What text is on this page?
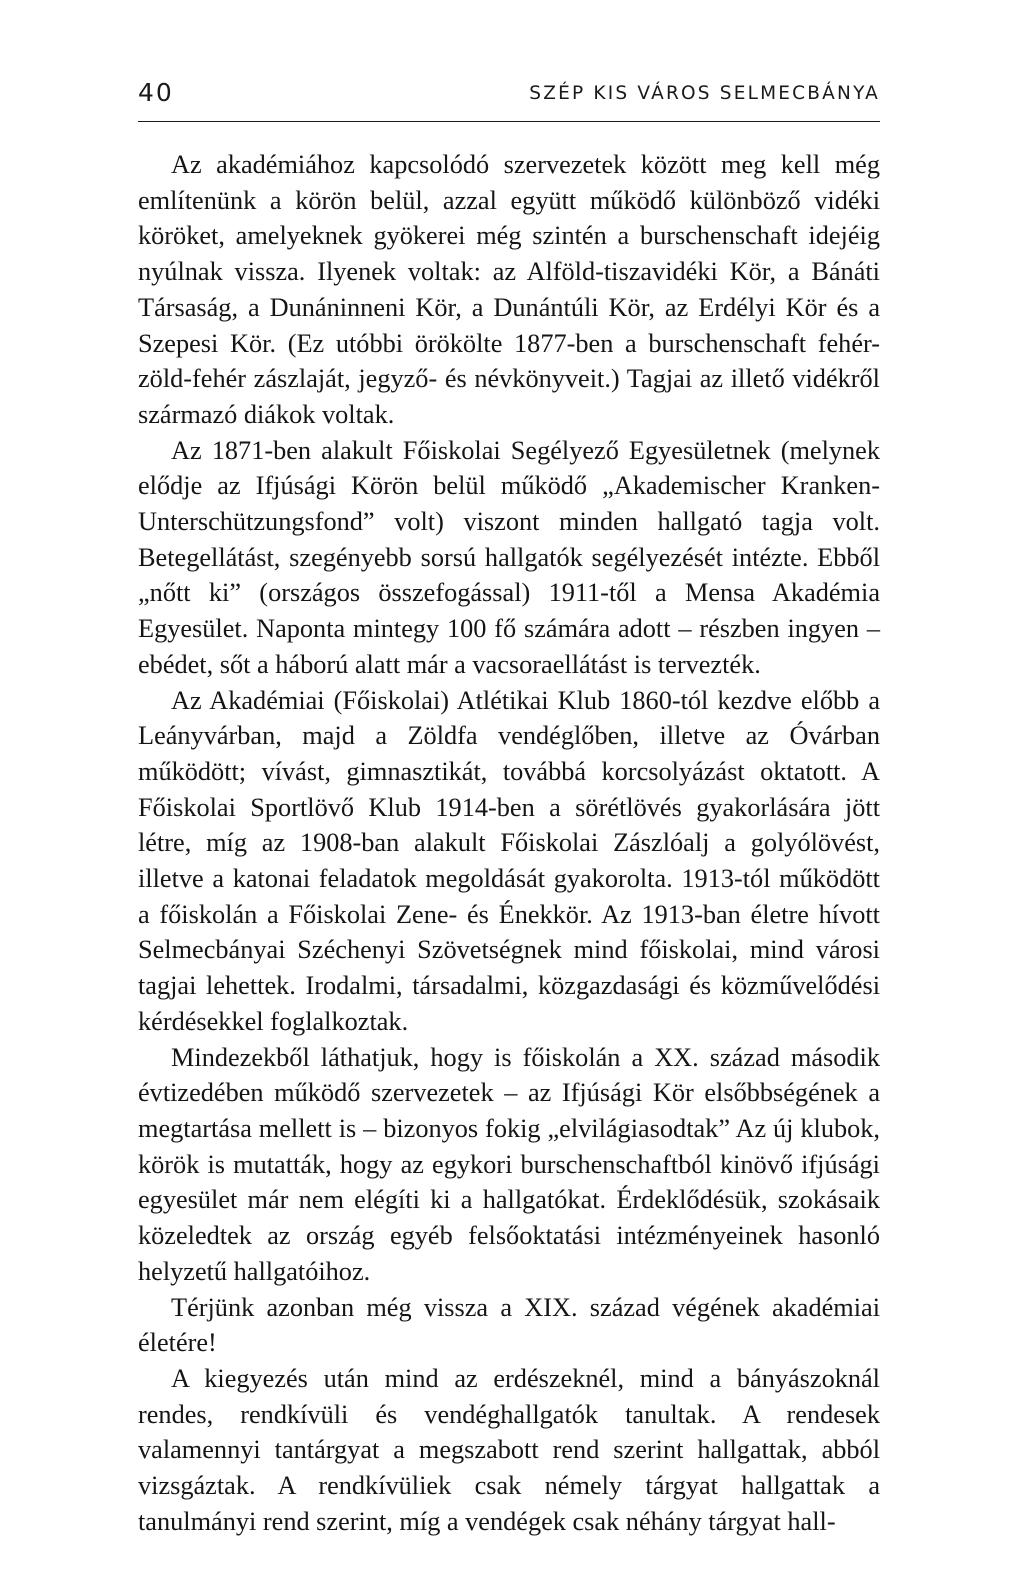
40	SZÉP KIS VÁROS SELMECBÁNYA

Az akadémiához kapcsolódó szervezetek között meg kell még említenünk a körön belül, azzal együtt működő különböző vidéki köröket, amelyeknek gyökerei még szintén a burschenschaft idejéig nyúlnak vissza. Ilyenek voltak: az Alföld-tiszavidéki Kör, a Bánáti Társaság, a Dunáninneni Kör, a Dunántúli Kör, az Erdélyi Kör és a Szepesi Kör. (Ez utóbbi örökölte 1877-ben a burschenschaft fehér-zöld-fehér zászlaját, jegyző- és névkönyveit.) Tagjai az illető vidékről származó diákok voltak.

Az 1871-ben alakult Főiskolai Segélyező Egyesületnek (melynek elődje az Ifjúsági Körön belül működő „Akademischer Kranken-Unterschützungsfond” volt) viszont minden hallgató tagja volt. Betegellátást, szegényebb sorsú hallgatók segélyezését intézte. Ebből „nőtt ki” (országos összefogással) 1911-től a Mensa Akadémia Egyesület. Naponta mintegy 100 fő számára adott – részben ingyen – ebédet, sőt a háború alatt már a vacsoraellátást is tervezték.

Az Akadémiai (Főiskolai) Atlétikai Klub 1860-tól kezdve előbb a Leányvárban, majd a Zöldfa vendéglőben, illetve az Óvárban működött; vívást, gimnasztikát, továbbá korcsolyázást oktatott. A Főiskolai Sportlövő Klub 1914-ben a sörétlövés gyakorlására jött létre, míg az 1908-ban alakult Főiskolai Zászlóalj a golyólövést, illetve a katonai feladatok megoldását gyakorolta. 1913-tól működött a főiskolán a Főiskolai Zene- és Énekkör. Az 1913-ban életre hívott Selmecbányai Széchenyi Szövetségnek mind főiskolai, mind városi tagjai lehettek. Irodalmi, társadalmi, közgazdasági és közművelődési kérdésekkel foglalkoztak.

Mindezekből láthatjuk, hogy is főiskolán a XX. század második évtizedében működő szervezetek – az Ifjúsági Kör elsőbbségének a megtartása mellett is – bizonyos fokig „elvilágiasodtak” Az új klubok, körök is mutatták, hogy az egykori burschenschaftból kinövő ifjúsági egyesület már nem elégíti ki a hallgatókat. Érdeklődésük, szokásaik közeledtek az ország egyéb felsőoktatási intézményeinek hasonló helyzetű hallgatóihoz.

Térjünk azonban még vissza a XIX. század végének akadémiai életére!

A kiegyezés után mind az erdészeknél, mind a bányászoknál rendes, rendkívüli és vendéghallgatók tanultak. A rendesek valamennyi tantárgyat a megszabott rend szerint hallgattak, abból vizsgáztak. A rendkívüliek csak némely tárgyat hallgattak a tanulmányi rend szerint, míg a vendégek csak néhány tárgyat hall-
